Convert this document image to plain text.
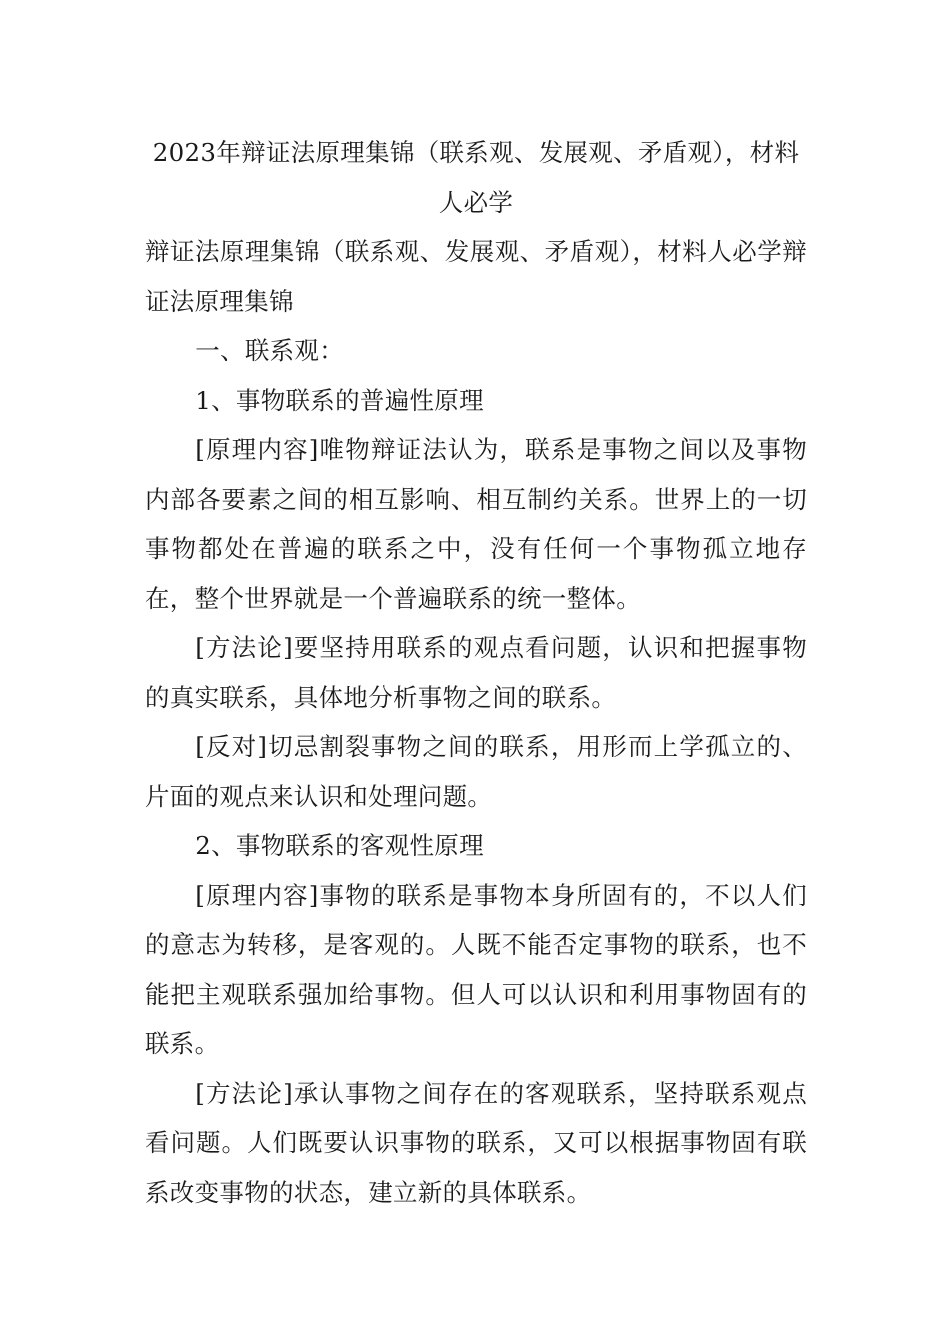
2023年辩证法原理集锦（联系观、发展观、矛盾观），材料人必学

辩证法原理集锦（联系观、发展观、矛盾观），材料人必学辩证法原理集锦

一、联系观：

1、事物联系的普遍性原理

[原理内容]唯物辩证法认为，联系是事物之间以及事物内部各要素之间的相互影响、相互制约关系。世界上的一切事物都处在普遍的联系之中，没有任何一个事物孤立地存在，整个世界就是一个普遍联系的统一整体。

[方法论]要坚持用联系的观点看问题，认识和把握事物的真实联系，具体地分析事物之间的联系。

[反对]切忌割裂事物之间的联系，用形而上学孤立的、片面的观点来认识和处理问题。

2、事物联系的客观性原理

[原理内容]事物的联系是事物本身所固有的，不以人们的意志为转移，是客观的。人既不能否定事物的联系，也不能把主观联系强加给事物。但人可以认识和利用事物固有的联系。

[方法论]承认事物之间存在的客观联系，坚持联系观点看问题。人们既要认识事物的联系，又可以根据事物固有联系改变事物的状态，建立新的具体联系。
